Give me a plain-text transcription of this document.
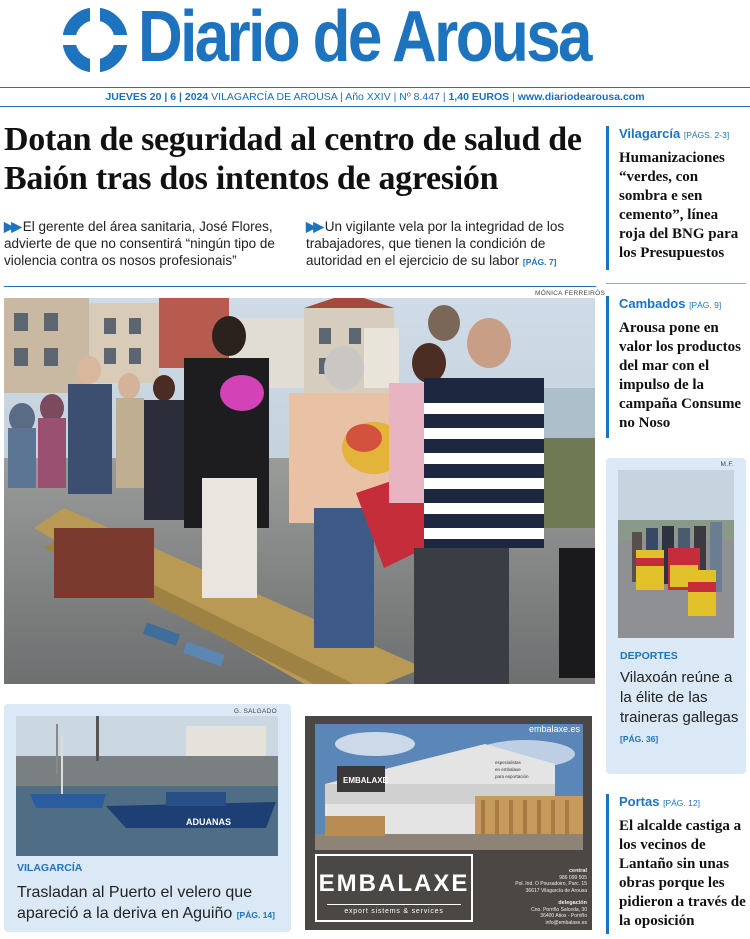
Diario de Arousa
JUEVES 20 | 6 | 2024 VILAGARCÍA DE AROUSA | Año XXIV | Nº 8.447 | 1,40 EUROS | www.diariodearousa.com
Dotan de seguridad al centro de salud de Baión tras dos intentos de agresión
▶▶ El gerente del área sanitaria, José Flores, advierte de que no consentirá “ningún tipo de violencia contra os nosos profesionais”
▶▶ Un vigilante vela por la integridad de los trabajadores, que tienen la condición de autoridad en el ejercicio de su labor [PÁG. 7]
MÓNICA FERREIRÓS
Vilagarcía [PÁGS. 2-3]
Humanizaciones “verdes, con sombra e sen cemento”, línea roja del BNG para los Presupuestos
Cambados [PÁG. 9]
Arousa pone en valor los productos del mar con el impulso de la campaña Consume no Noso
M.F.
DEPORTES
Vilaxoán reúne a la élite de las traineras gallegas [PÁG. 36]
Portas [PÁG. 12]
El alcalde castiga a los vecinos de Lantaño sin unas obras porque les pidieron a través de la oposición
G. SALGADO
ADUANAS
VILAGARCÍA
Trasladan al Puerto el velero que apareció a la deriva en Aguiño [PÁG. 14]
EMBALAXE
especialistas
en embalaxe
para exportación
embalaxe.es
EMBALAXE
export sistems & services
central
986 099 505
Pol. Ind. O Pousadoiro, Parc. 15
36617 Vilagarcía de Arousa
delegación
Cno. Porriño Salceda, 30
36400 Atios - Porriño
info@embalaxe.es
